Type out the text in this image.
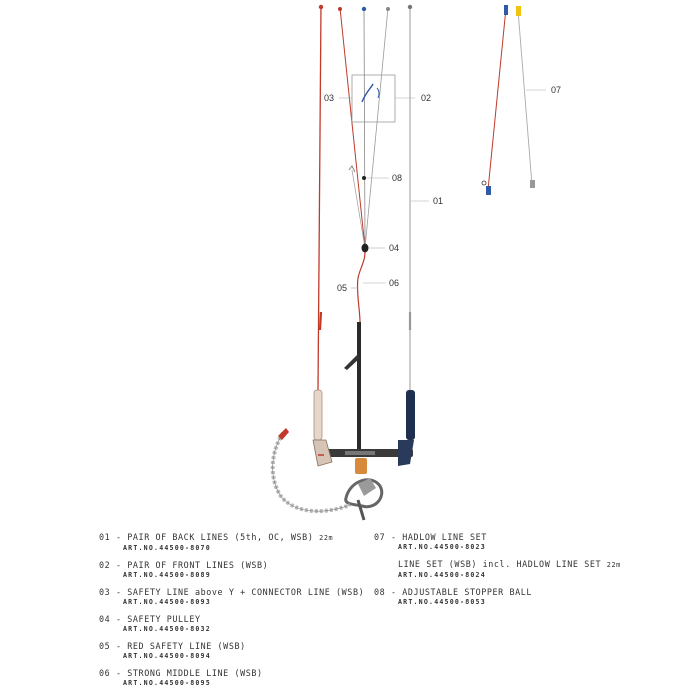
03	02
08
01
04
06
05
07
01 - PAIR OF BACK LINES (5th, OC, WSB) 22m
ART.NO.44500-8070
02 - PAIR OF FRONT LINES (WSB)
ART.NO.44500-8089
03 - SAFETY LINE above Y + CONNECTOR LINE (WSB)
ART.NO.44500-8093
04 - SAFETY PULLEY
ART.NO.44500-8032
05 - RED SAFETY LINE (WSB)
ART.NO.44500-8094
06 - STRONG MIDDLE LINE (WSB)
ART.NO.44500-8095
07 - HADLOW LINE SET
ART.NO.44500-8023
LINE SET (WSB) incl. HADLOW LINE SET 22m
ART.NO.44500-8024
08 - ADJUSTABLE STOPPER BALL
ART.NO.44500-8053
